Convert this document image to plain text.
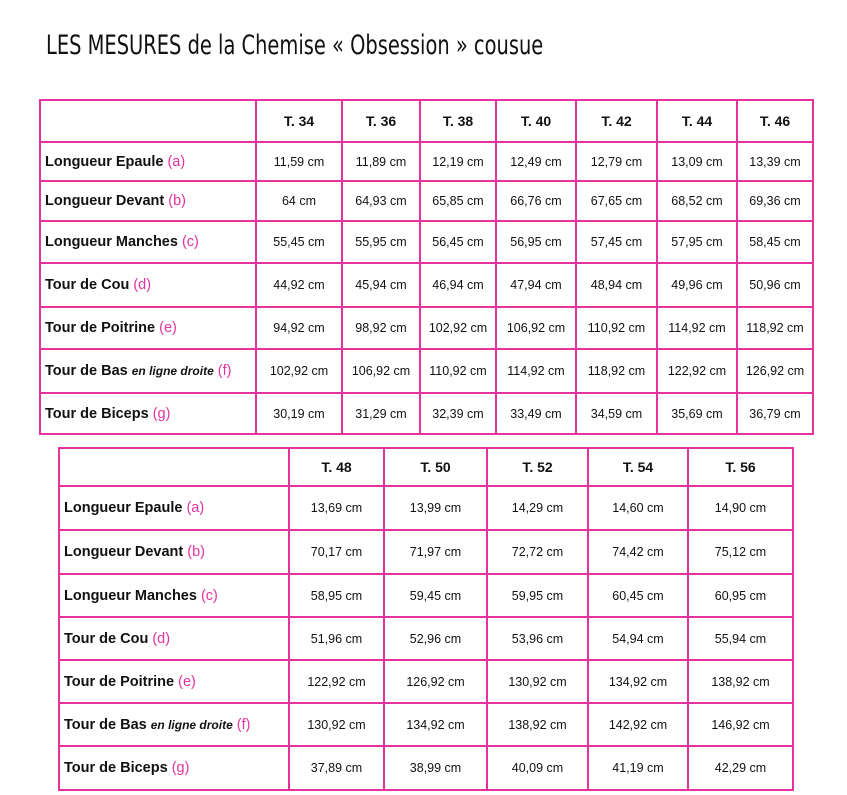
LES MESURES de la Chemise « Obsession » cousue
	T. 34	T. 36	T. 38	T. 40	T. 42	T. 44	T. 46
Longueur Epaule (a)	11,59 cm	11,89 cm	12,19 cm	12,49 cm	12,79 cm	13,09 cm	13,39 cm
Longueur Devant (b)	64 cm	64,93 cm	65,85 cm	66,76 cm	67,65 cm	68,52 cm	69,36 cm
Longueur Manches (c)	55,45 cm	55,95 cm	56,45 cm	56,95 cm	57,45 cm	57,95 cm	58,45 cm
Tour de Cou (d)	44,92 cm	45,94 cm	46,94 cm	47,94 cm	48,94 cm	49,96 cm	50,96 cm
Tour de Poitrine (e)	94,92 cm	98,92 cm	102,92 cm	106,92 cm	110,92 cm	114,92 cm	118,92 cm
Tour de Bas en ligne droite (f)	102,92 cm	106,92 cm	110,92 cm	114,92 cm	118,92 cm	122,92 cm	126,92 cm
Tour de Biceps (g)	30,19 cm	31,29 cm	32,39 cm	33,49 cm	34,59 cm	35,69 cm	36,79 cm
	T. 48	T. 50	T. 52	T. 54	T. 56
Longueur Epaule (a)	13,69 cm	13,99 cm	14,29 cm	14,60 cm	14,90 cm
Longueur Devant (b)	70,17 cm	71,97 cm	72,72 cm	74,42 cm	75,12 cm
Longueur Manches (c)	58,95 cm	59,45 cm	59,95 cm	60,45 cm	60,95 cm
Tour de Cou (d)	51,96 cm	52,96 cm	53,96 cm	54,94 cm	55,94 cm
Tour de Poitrine (e)	122,92 cm	126,92 cm	130,92 cm	134,92 cm	138,92 cm
Tour de Bas en ligne droite (f)	130,92 cm	134,92 cm	138,92 cm	142,92 cm	146,92 cm
Tour de Biceps (g)	37,89 cm	38,99 cm	40,09 cm	41,19 cm	42,29 cm
